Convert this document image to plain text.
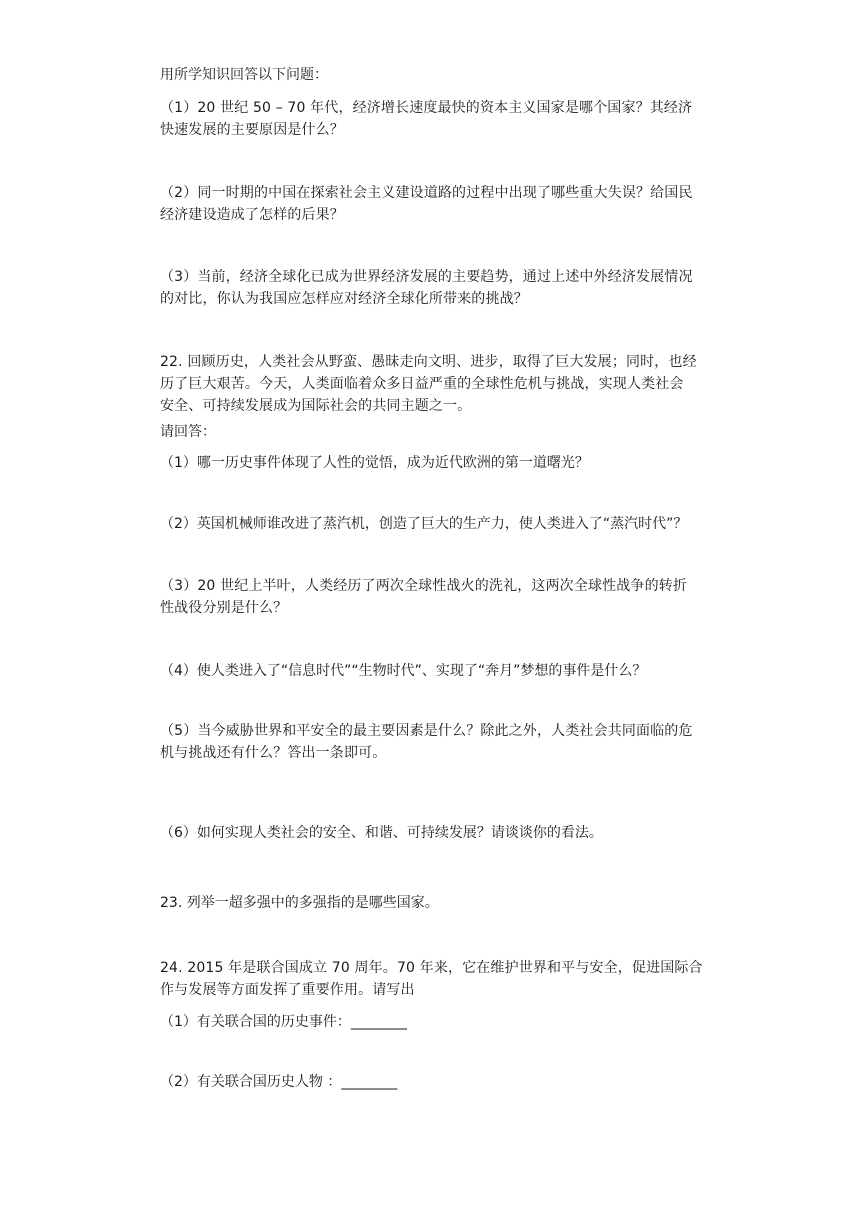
用所学知识回答以下问题：
（1）20 世纪 50 – 70 年代，经济增长速度最快的资本主义国家是哪个国家？其经济
快速发展的主要原因是什么？
（2）同一时期的中国在探索社会主义建设道路的过程中出现了哪些重大失误？给国民
经济建设造成了怎样的后果？
（3）当前，经济全球化已成为世界经济发展的主要趋势，通过上述中外经济发展情况
的对比，你认为我国应怎样应对经济全球化所带来的挑战？
22. 回顾历史，人类社会从野蛮、愚昧走向文明、进步，取得了巨大发展；同时，也经
历了巨大艰苦。今天，人类面临着众多日益严重的全球性危机与挑战，实现人类社会
安全、可持续发展成为国际社会的共同主题之一。
请回答：
（1）哪一历史事件体现了人性的觉悟，成为近代欧洲的第一道曙光？
（2）英国机械师谁改进了蒸汽机，创造了巨大的生产力，使人类进入了“蒸汽时代”？
（3）20 世纪上半叶，人类经历了两次全球性战火的洗礼，这两次全球性战争的转折
性战役分别是什么？
（4）使人类进入了“信息时代”“生物时代”、实现了“奔月”梦想的事件是什么？
（5）当今威胁世界和平安全的最主要因素是什么？除此之外，人类社会共同面临的危
机与挑战还有什么？答出一条即可。
（6）如何实现人类社会的安全、和谐、可持续发展？请谈谈你的看法。
23. 列举一超多强中的多强指的是哪些国家。
24. 2015 年是联合国成立 70 周年。70 年来，它在维护世界和平与安全，促进国际合
作与发展等方面发挥了重要作用。请写出
（1）有关联合国的历史事件：________
（2）有关联合国历史人物 ：________
